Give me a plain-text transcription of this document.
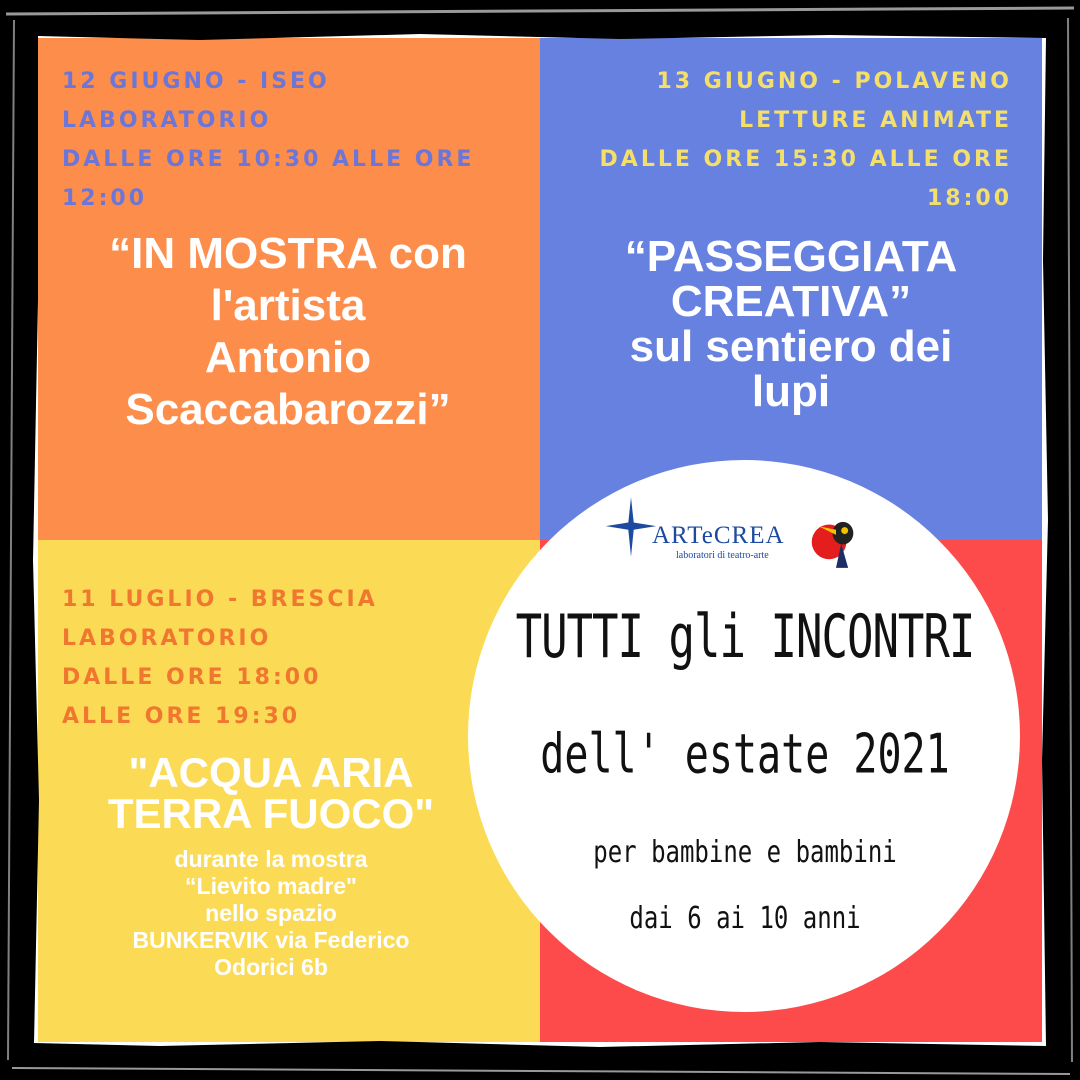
12 GIUGNO - ISEO
LABORATORIO
DALLE ORE 10:30 ALLE ORE
12:00
“IN MOSTRA con
l'artista
Antonio
Scaccabarozzi”
13 GIUGNO - POLAVENO
LETTURE ANIMATE
DALLE ORE 15:30 ALLE ORE
18:00
“PASSEGGIATA
CREATIVA”
sul sentiero dei
lupi
11 LUGLIO - BRESCIA
LABORATORIO
DALLE ORE 18:00
ALLE ORE 19:30
"ACQUA ARIA
TERRA FUOCO"
durante la mostra
“Lievito madre"
nello spazio
BUNKERVIK via Federico
Odorici 6b
ARTeCREA
laboratori di teatro-arte
TUTTI gli INCONTRI
dell' estate 2021
per bambine e bambini
dai 6 ai 10 anni
